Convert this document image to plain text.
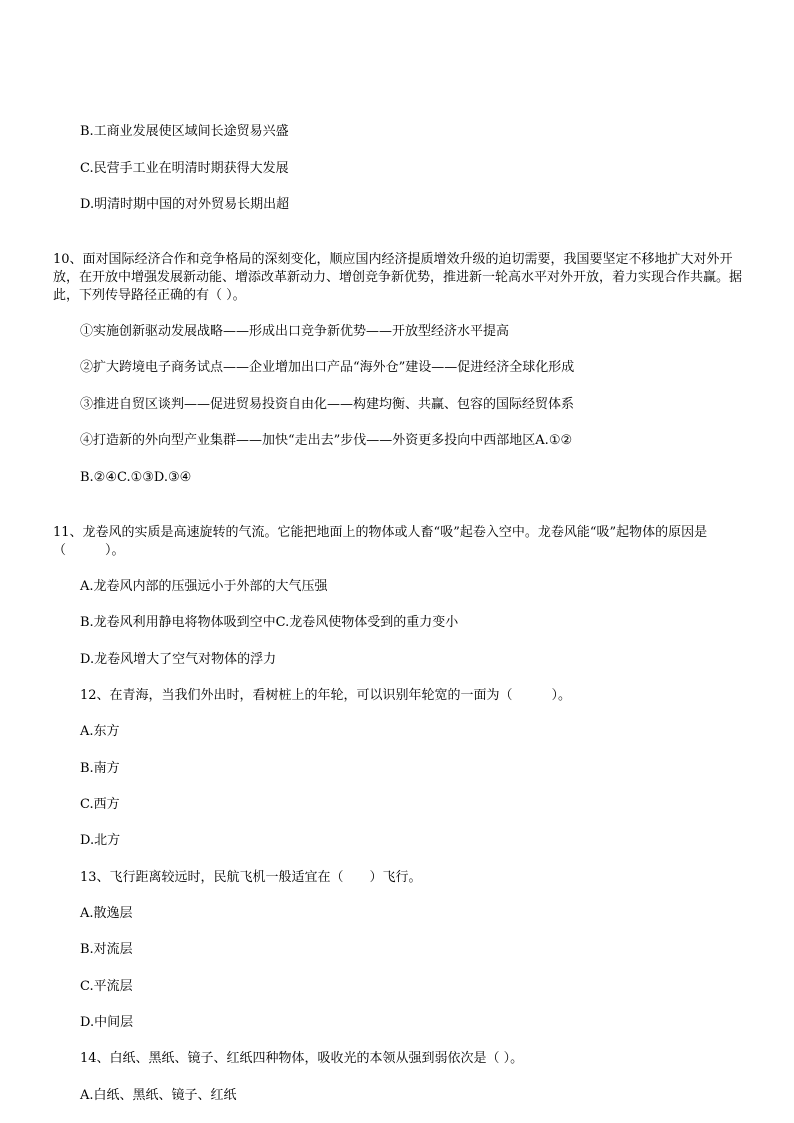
B.工商业发展使区域间长途贸易兴盛
C.民营手工业在明清时期获得大发展
D.明清时期中国的对外贸易长期出超
10、面对国际经济合作和竞争格局的深刻变化，顺应国内经济提质增效升级的迫切需要，我国要坚定不移地扩大对外开放，在开放中增强发展新动能、增添改革新动力、增创竞争新优势，推进新一轮高水平对外开放，着力实现合作共赢。据此，下列传导路径正确的有（ ）。
①实施创新驱动发展战略——形成出口竞争新优势——开放型经济水平提高
②扩大跨境电子商务试点——企业增加出口产品“海外仓”建设——促进经济全球化形成
③推进自贸区谈判——促进贸易投资自由化——构建均衡、共赢、包容的国际经贸体系
④打造新的外向型产业集群——加快“走出去”步伐——外资更多投向中西部地区A.①②
B.②④C.①③D.③④
11、龙卷风的实质是高速旋转的气流。它能把地面上的物体或人畜“吸”起卷入空中。龙卷风能“吸”起物体的原因是（　　　）。
A.龙卷风内部的压强远小于外部的大气压强
B.龙卷风利用静电将物体吸到空中C.龙卷风使物体受到的重力变小
D.龙卷风增大了空气对物体的浮力
12、在青海，当我们外出时，看树桩上的年轮，可以识别年轮宽的一面为（　　　）。
A.东方
B.南方
C.西方
D.北方
13、飞行距离较远时，民航飞机一般适宜在（　　）飞行。
A.散逸层
B.对流层
C.平流层
D.中间层
14、白纸、黑纸、镜子、红纸四种物体，吸收光的本领从强到弱依次是（ ）。
A.白纸、黑纸、镜子、红纸
